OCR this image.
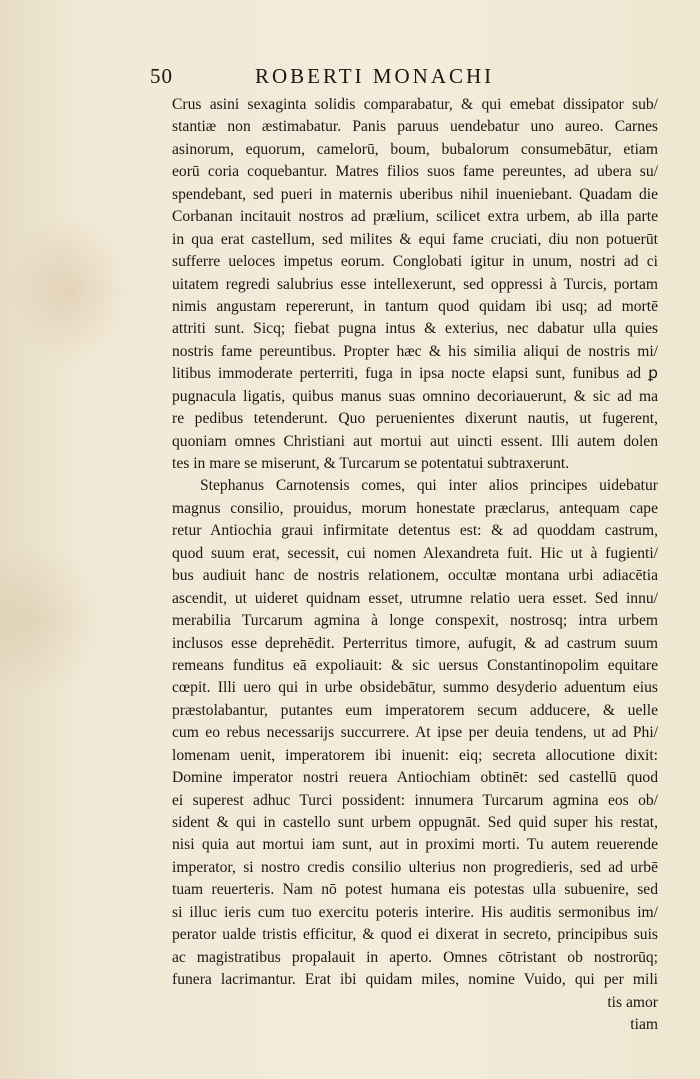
50	ROBERTI MONACHI
Crus asini sexaginta solidis comparabatur, & qui emebat dissipator sub/
stantiæ non æstimabatur. Panis paruus uendebatur uno aureo. Carnes
asinorum, equorum, camelorū, boum, bubalorum consumebātur, etiam
eorū coria coquebantur. Matres filios suos fame pereuntes, ad ubera su/
spendebant, sed pueri in maternis uberibus nihil inueniebant. Quadam die
Corbanan incitauit nostros ad prælium, scilicet extra urbem, ab illa parte
in qua erat castellum, sed milites & equi fame cruciati, diu non potuerūt
sufferre ueloces impetus eorum. Conglobati igitur in unum, nostri ad ci
uitatem regredi salubrius esse intellexerunt, sed oppressi à Turcis, portam
nimis angustam repererunt, in tantum quod quidam ibi usq; ad mortē
attriti sunt. Sicq; fiebat pugna intus & exterius, nec dabatur ulla quies
nostris fame pereuntibus. Propter hæc & his similia aliqui de nostris mi/
litibus immoderate perterriti, fuga in ipsa nocte elapsi sunt, funibus ad ꝑ
pugnacula ligatis, quibus manus suas omnino decoriauerunt, & sic ad ma
re pedibus tetenderunt. Quo peruenientes dixerunt nautis, ut fugerent,
quoniam omnes Christiani aut mortui aut uincti essent. Illi autem dolen
tes in mare se miserunt, & Turcarum se potentatui subtraxerunt.
Stephanus Carnotensis comes, qui inter alios principes uidebatur
magnus consilio, prouidus, morum honestate præclarus, antequam cape
retur Antiochia graui infirmitate detentus est: & ad quoddam castrum,
quod suum erat, secessit, cui nomen Alexandreta fuit. Hic ut à fugienti/
bus audiuit hanc de nostris relationem, occultæ montana urbi adiacētia
ascendit, ut uideret quidnam esset, utrumne relatio uera esset. Sed innu/
merabilia Turcarum agmina à longe conspexit, nostrosq; intra urbem
inclusos esse deprehēdit. Perterritus timore, aufugit, & ad castrum suum
remeans funditus eā expoliauit: & sic uersus Constantinopolim equitare
cœpit. Illi uero qui in urbe obsidebātur, summo desyderio aduentum eius
præstolabantur, putantes eum imperatorem secum adducere, & uelle
cum eo rebus necessarijs succurrere. At ipse per deuia tendens, ut ad Phi/
lomenam uenit, imperatorem ibi inuenit: eiq; secreta allocutione dixit:
Domine imperator nostri reuera Antiochiam obtinēt: sed castellū quod
ei superest adhuc Turci possident: innumera Turcarum agmina eos ob/
sident & qui in castello sunt urbem oppugnāt. Sed quid super his restat,
nisi quia aut mortui iam sunt, aut in proximi morti. Tu autem reuerende
imperator, si nostro credis consilio ulterius non progredieris, sed ad urbē
tuam reuerteris. Nam nō potest humana eis potestas ulla subuenire, sed
si illuc ieris cum tuo exercitu poteris interire. His auditis sermonibus im/
perator ualde tristis efficitur, & quod ei dixerat in secreto, principibus suis
ac magistratibus propalauit in aperto. Omnes cōtristant ob nostrorūq;
funera lacrimantur. Erat ibi quidam miles, nomine Vuido, qui per mili
tis amor
tiam
